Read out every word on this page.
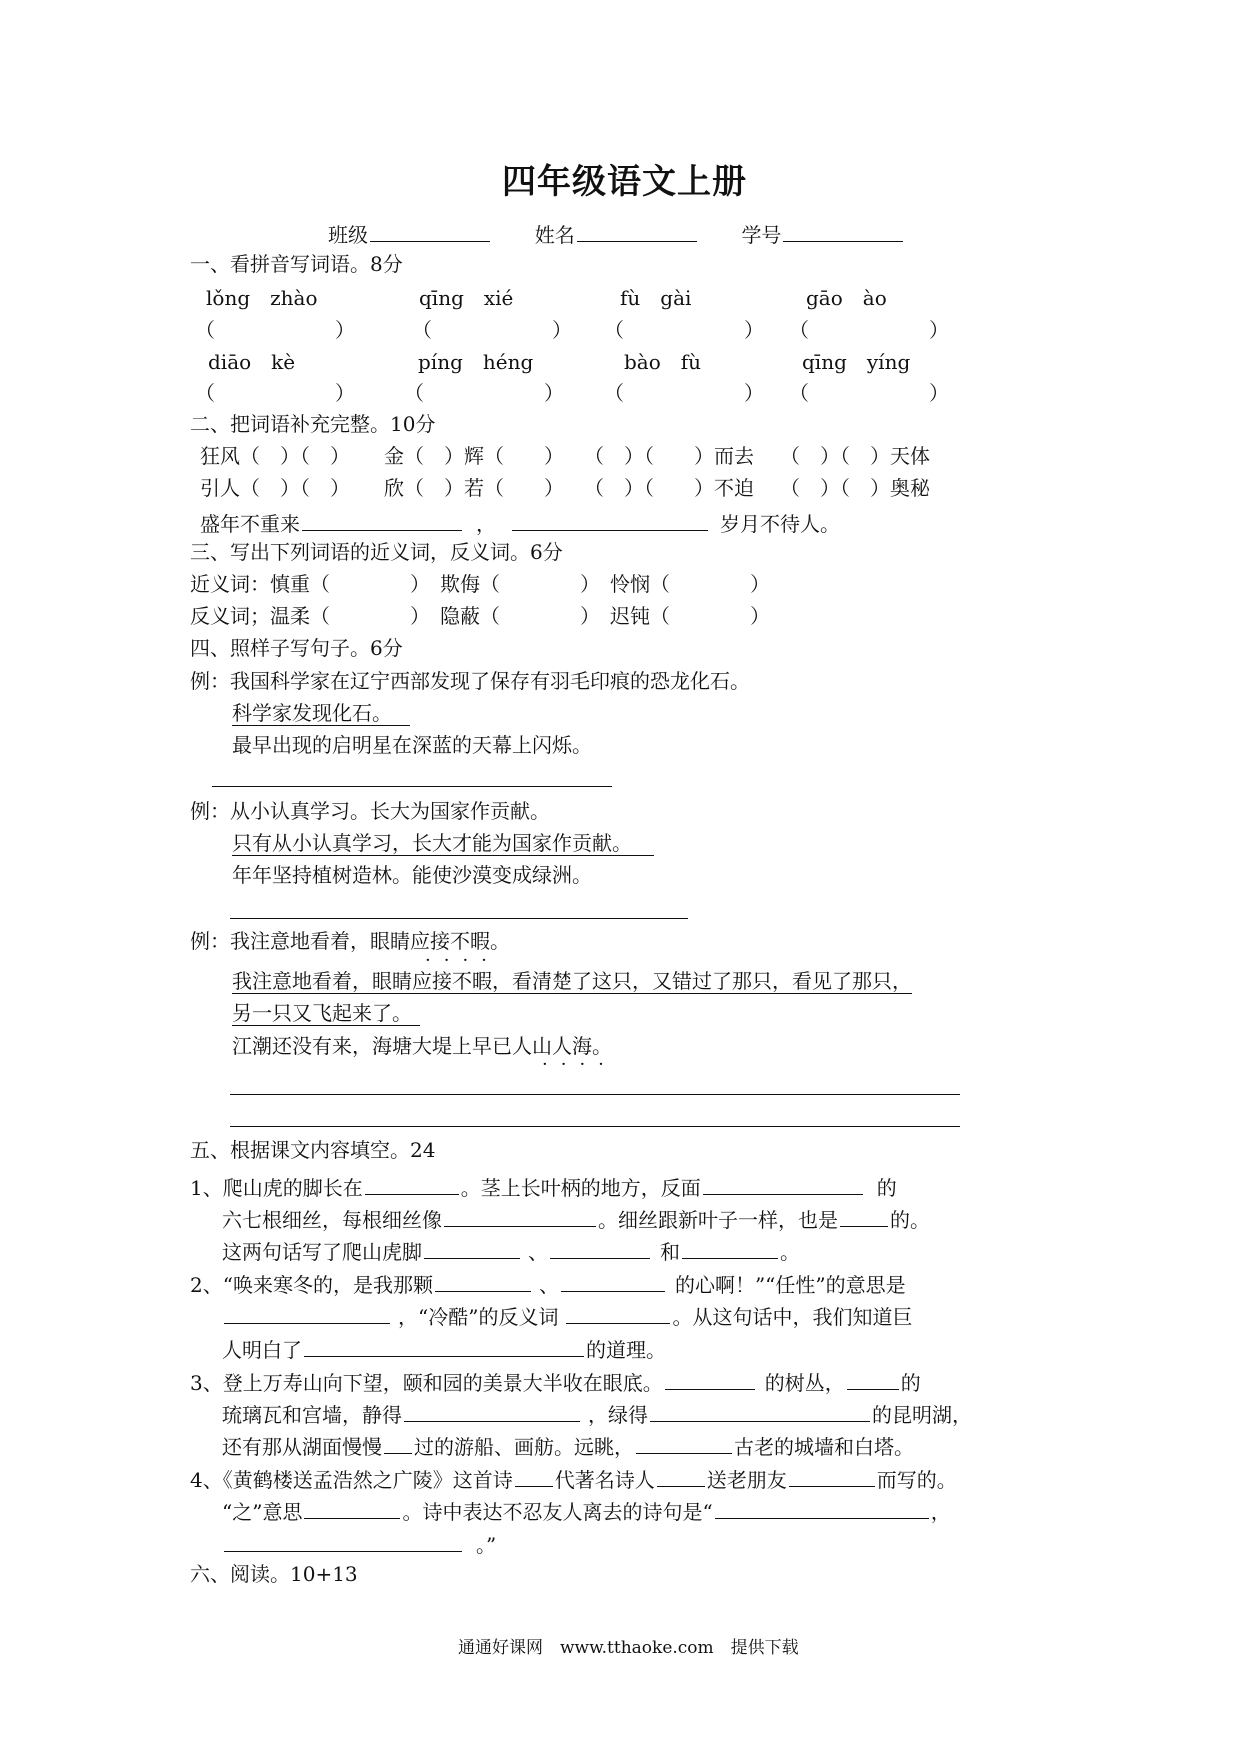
四年级语文上册
班级	姓名	学号
一、看拼音写词语。8分
lǒng　zhào	qīng　xié	fù　gài	gāo　ào
（　　　　） （　　　　） （　　　　） （　　　　）
diāo　kè	píng　héng	bào　fù	qīng　yíng
（　　　　） （　　　　） （　　　　） （　　　　）
二、把词语补充完整。10分
狂风（　）（　） 金（　）辉（　　） （　）（　　）而去 （　）（　）天体
引人（　）（　） 欣（　）若（　　） （　）（　　）不迫 （　）（　）奥秘
盛年不重来	，	岁月不待人。
三、写出下列词语的近义词，反义词。6分
近义词：慎重（　　　　）　欺侮（　　　　）　怜悯（　　　　）
反义词；温柔（　　　　）　隐蔽（　　　　）　迟钝（　　　　）
四、照样子写句子。6分
例：我国科学家在辽宁西部发现了保存有羽毛印痕的恐龙化石。
科学家发现化石。
最早出现的启明星在深蓝的天幕上闪烁。
例：从小认真学习。长大为国家作贡献。
只有从小认真学习，长大才能为国家作贡献。
年年坚持植树造林。能使沙漠变成绿洲。
例：我注意地看着，眼睛应接不暇。
····
我注意地看着，眼睛应接不暇，看清楚了这只，又错过了那只，看见了那只，
另一只又飞起来了。
江潮还没有来，海塘大堤上早已人山人海。
····
五、根据课文内容填空。24
1、爬山虎的脚长在	。茎上长叶柄的地方，反面	的
六七根细丝，每根细丝像	。细丝跟新叶子一样，也是	的。
这两句话写了爬山虎脚	、	和	。
2、“唤来寒冬的，是我那颗	、	的心啊！”“任性”的意思是
，“冷酷”的反义词	。从这句话中，我们知道巨
人明白了	的道理。
3、登上万寿山向下望，颐和园的美景大半收在眼底。	的树丛，	的
琉璃瓦和宫墙，静得	，绿得	的昆明湖，
还有那从湖面慢慢 过的游船、画舫。远眺，	古老的城墙和白塔。
4、《黄鹤楼送孟浩然之广陵》这首诗 代著名诗人	送老朋友	而写的。
“之”意思	。诗中表达不忍友人离去的诗句是“	，
。”
六、阅读。10+13
通通好课网　www.tthaoke.com　提供下载
